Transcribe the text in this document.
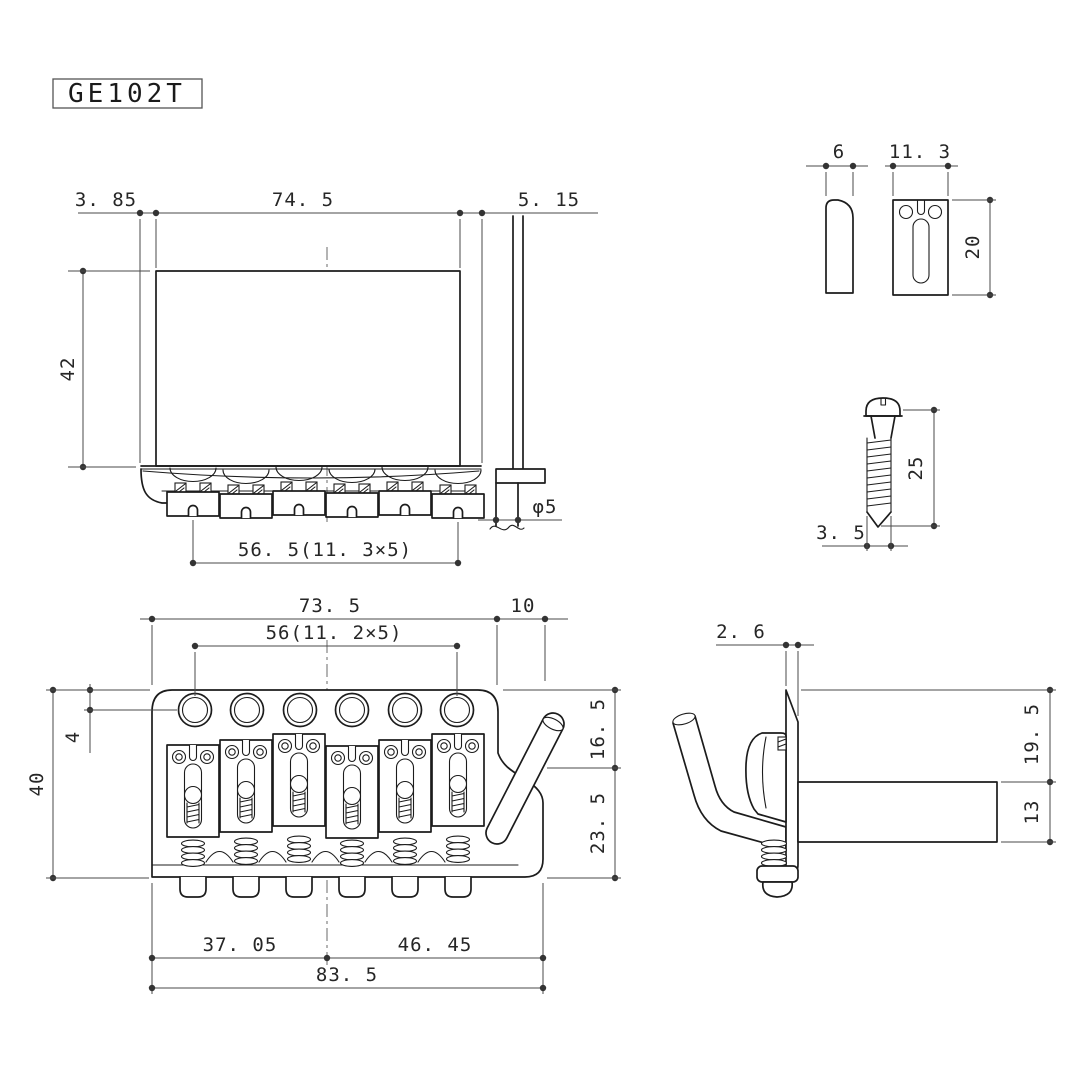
GE102T
3. 85	74. 5	5. 15
42
56. 5(11. 3×5)
φ5
6 11. 3
20
25
3. 5
73. 5	10
56(11. 2×5)
4
40
16. 5
23. 5
37. 05	46. 45
83. 5
2. 6
19. 5
13
